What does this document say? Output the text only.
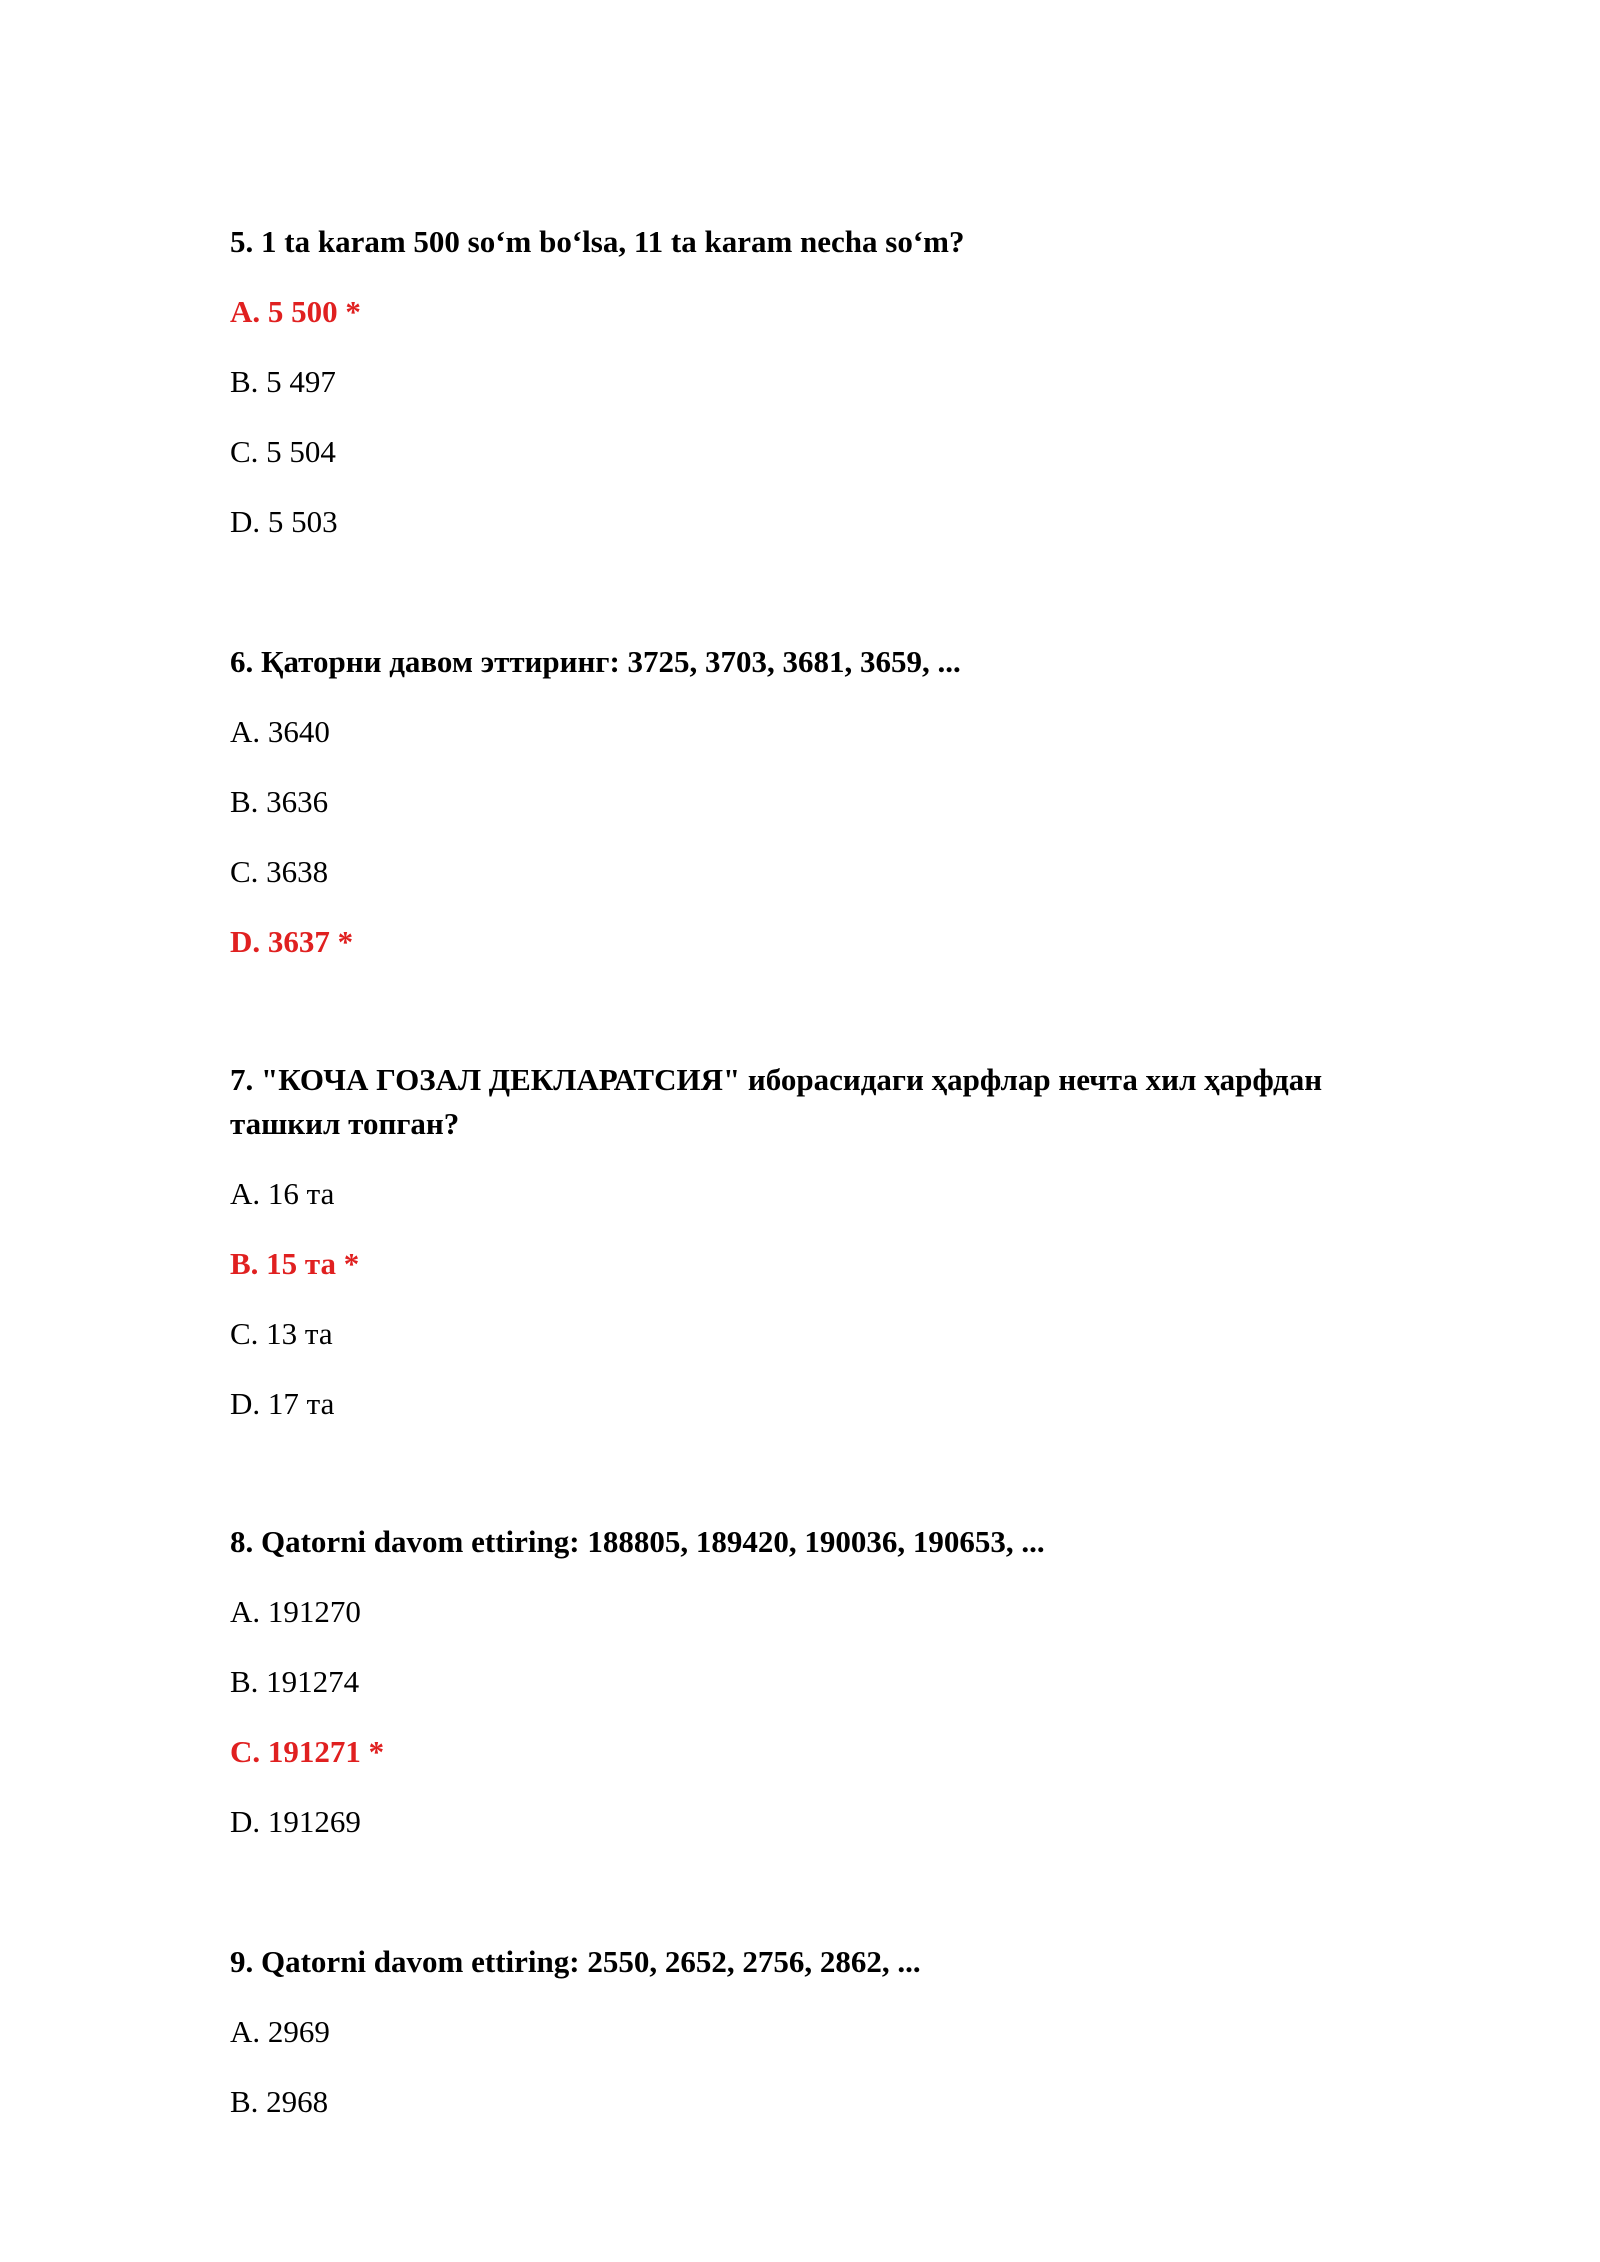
5. 1 ta karam 500 so‘m bo‘lsa, 11 ta karam necha so‘m?

A. 5 500 *

B. 5 497

C. 5 504

D. 5 503

6. Қаторни давом эттиринг: 3725, 3703, 3681, 3659, ...

A. 3640

B. 3636

C. 3638

D. 3637 *

7. "КОЧА ГОЗАЛ ДЕКЛАРАТСИЯ" иборасидаги ҳарфлар нечта хил ҳарфдан ташкил топган?

A. 16 та

B. 15 та *

C. 13 та

D. 17 та

8. Qatorni davom ettiring: 188805, 189420, 190036, 190653, ...

A. 191270

B. 191274

C. 191271 *

D. 191269

9. Qatorni davom ettiring: 2550, 2652, 2756, 2862, ...

A. 2969

B. 2968
